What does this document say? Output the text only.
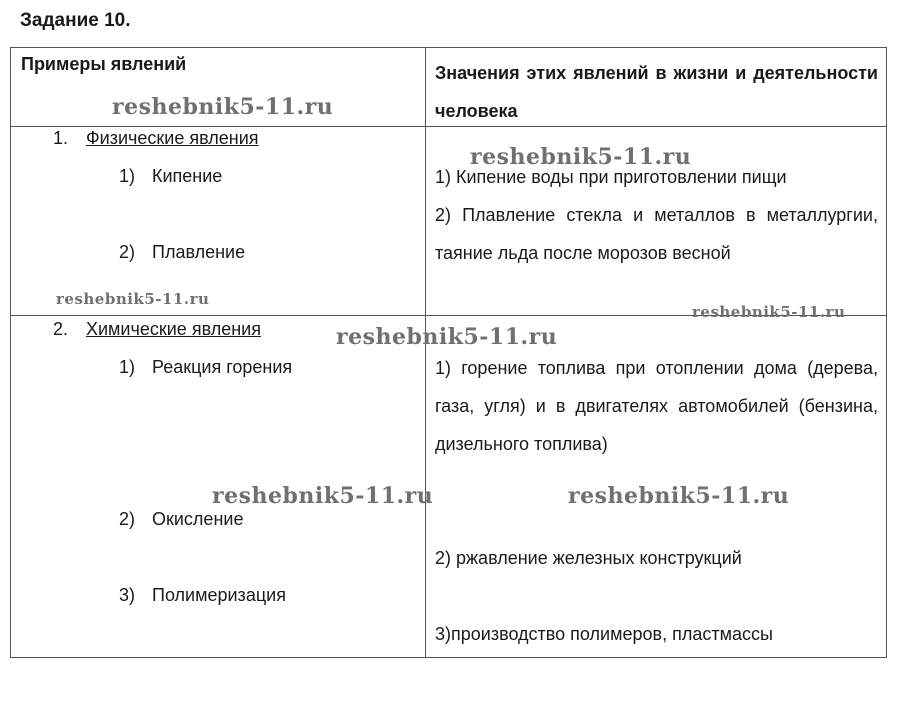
Задание 10.
Примеры явлений	Значения этих явлений в жизни и деятельности человека
1. Физические явления
1) Кипение
2) Плавление
1) Кипение воды при приготовлении пищи
2) Плавление стекла и металлов в металлургии, таяние льда после морозов весной
2. Химические явления
1) Реакция горения
2) Окисление
3) Полимеризация
1) горение топлива при отоплении дома (дерева, газа, угля) и в двигателях автомобилей (бензина, дизельного топлива)
2) ржавление железных конструкций
3)производство полимеров, пластмассы
reshebnik5-11.ru
reshebnik5-11.ru
reshebnik5-11.ru
reshebnik5-11.ru
reshebnik5-11.ru
reshebnik5-11.ru	reshebnik5-11.ru
